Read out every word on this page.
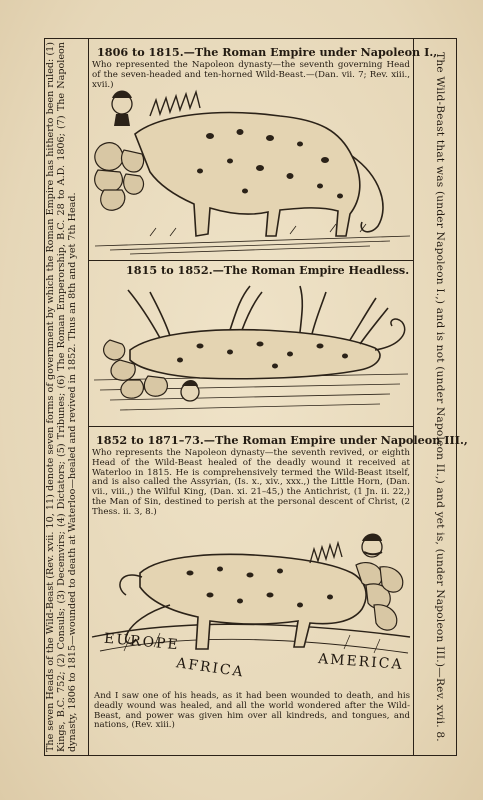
The seven Heads of the Wild-Beast (Rev. xvii. 10, 11) denote seven forms of government by which the Roman Empire has hitherto been ruled: (1) Kings, B.C. 752; (2) Consuls; (3) Decemvirs; (4) Dictators; (5) Tribunes; (6) The Roman Emperorship, B.C. 28 to A.D. 1806; (7) The Napoleon dynasty, 1806 to 1815—wounded to death at Waterloo—healed and revived in 1852. Thus an 8th and yet 7th Head.	The Wild-Beast that was (under Napoleon I.,) and is not (under Napoleon II.,) and yet is, (under Napoleon III.)—Rev. xvii. 8.
1806 to 1815.—The Roman Empire under Napoleon I.,
Who represented the Napoleon dynasty—the seventh governing Head of the seven-headed and ten-horned Wild-Beast.—(Dan. vii. 7; Rev. xiii., xvii.)
1815 to 1852.—The Roman Empire Headless.
1852 to 1871–73.—The Roman Empire under Napoleon III.,
Who represents the Napoleon dynasty—the seventh revived, or eighth Head of the Wild-Beast healed of the deadly wound it received at Waterloo in 1815. He is comprehensively termed the Wild-Beast itself, and is also called the Assyrian, (Is. x., xiv., xxx.,) the Little Horn, (Dan. vii., viii.,) the Wilful King, (Dan. xi. 21–45,) the Antichrist, (1 Jn. ii. 22,) the Man of Sin, destined to perish at the personal descent of Christ, (2 Thess. ii. 3, 8.)
EUROPE
AFRICA	AMERICA
And I saw one of his heads, as it had been wounded to death, and his deadly wound was healed, and all the world wondered after the Wild-Beast, and power was given him over all kindreds, and tongues, and nations, (Rev. xiii.)
